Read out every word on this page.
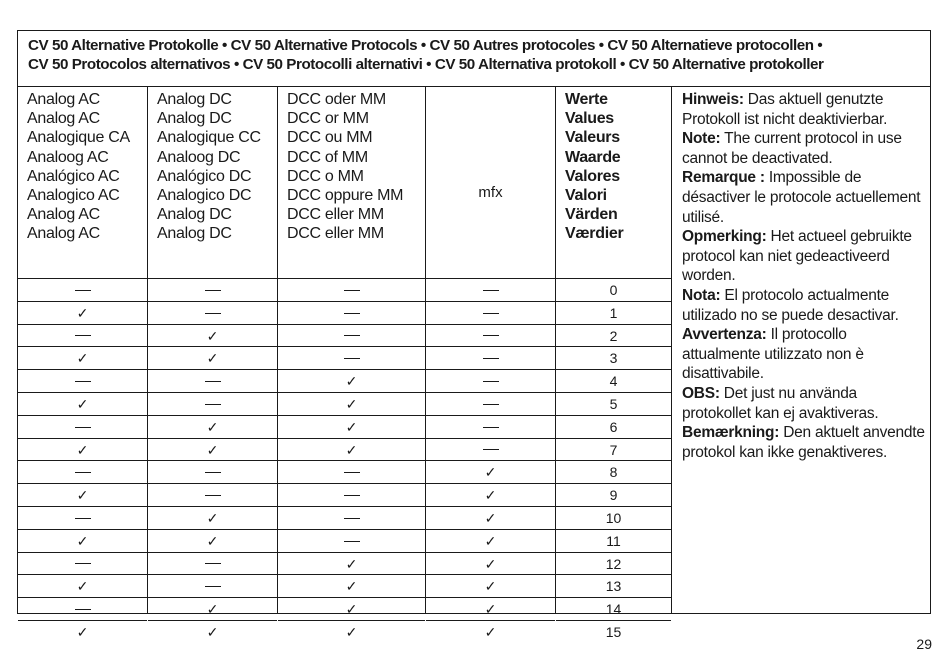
CV 50 Alternative Protokolle • CV 50 Alternative Protocols • CV 50 Autres protocoles • CV 50 Alternatieve protocollen •
CV 50 Protocolos alternativos • CV 50 Protocolli alternativi • CV 50 Alternativa protokoll • CV 50 Alternative protokoller
Analog AC
Analog AC
Analogique CA
Analoog AC
Analógico AC
Analogico AC
Analog AC
Analog AC
✓
✓
✓
✓
✓
✓
✓
✓
Analog DC
Analog DC
Analogique CC
Analoog DC
Analógico DC
Analogico DC
Analog DC
Analog DC
✓
✓
✓
✓
✓
✓
✓
✓
DCC oder MM
DCC or MM
DCC ou MM
DCC of MM
DCC o MM
DCC oppure MM
DCC eller MM
DCC eller MM
✓
✓
✓
✓
✓
✓
✓
✓
mfx
✓
✓
✓
✓
✓
✓
✓
✓
Werte
Values
Valeurs
Waarde
Valores
Valori
Värden
Værdier
0
1
2
3
4
5
6
7
8
9
10
11
12
13
14
15

Hinweis: Das aktuell genutzte Protokoll ist nicht deaktivierbar.

Note: The current protocol in use cannot be deactivated.

Remarque : Impossible de désactiver le protocole actuellement utilisé.

Opmerking: Het actueel gebruikte protocol kan niet gedeactiveerd worden.

Nota: El protocolo actualmente utilizado no se puede desactivar.

Avvertenza: Il protocollo attualmente utilizzato non è disattivabile.

OBS: Det just nu använda protokollet kan ej avaktiveras.

Bemærkning: Den aktuelt anvendte protokol kan ikke genaktiveres.

29
